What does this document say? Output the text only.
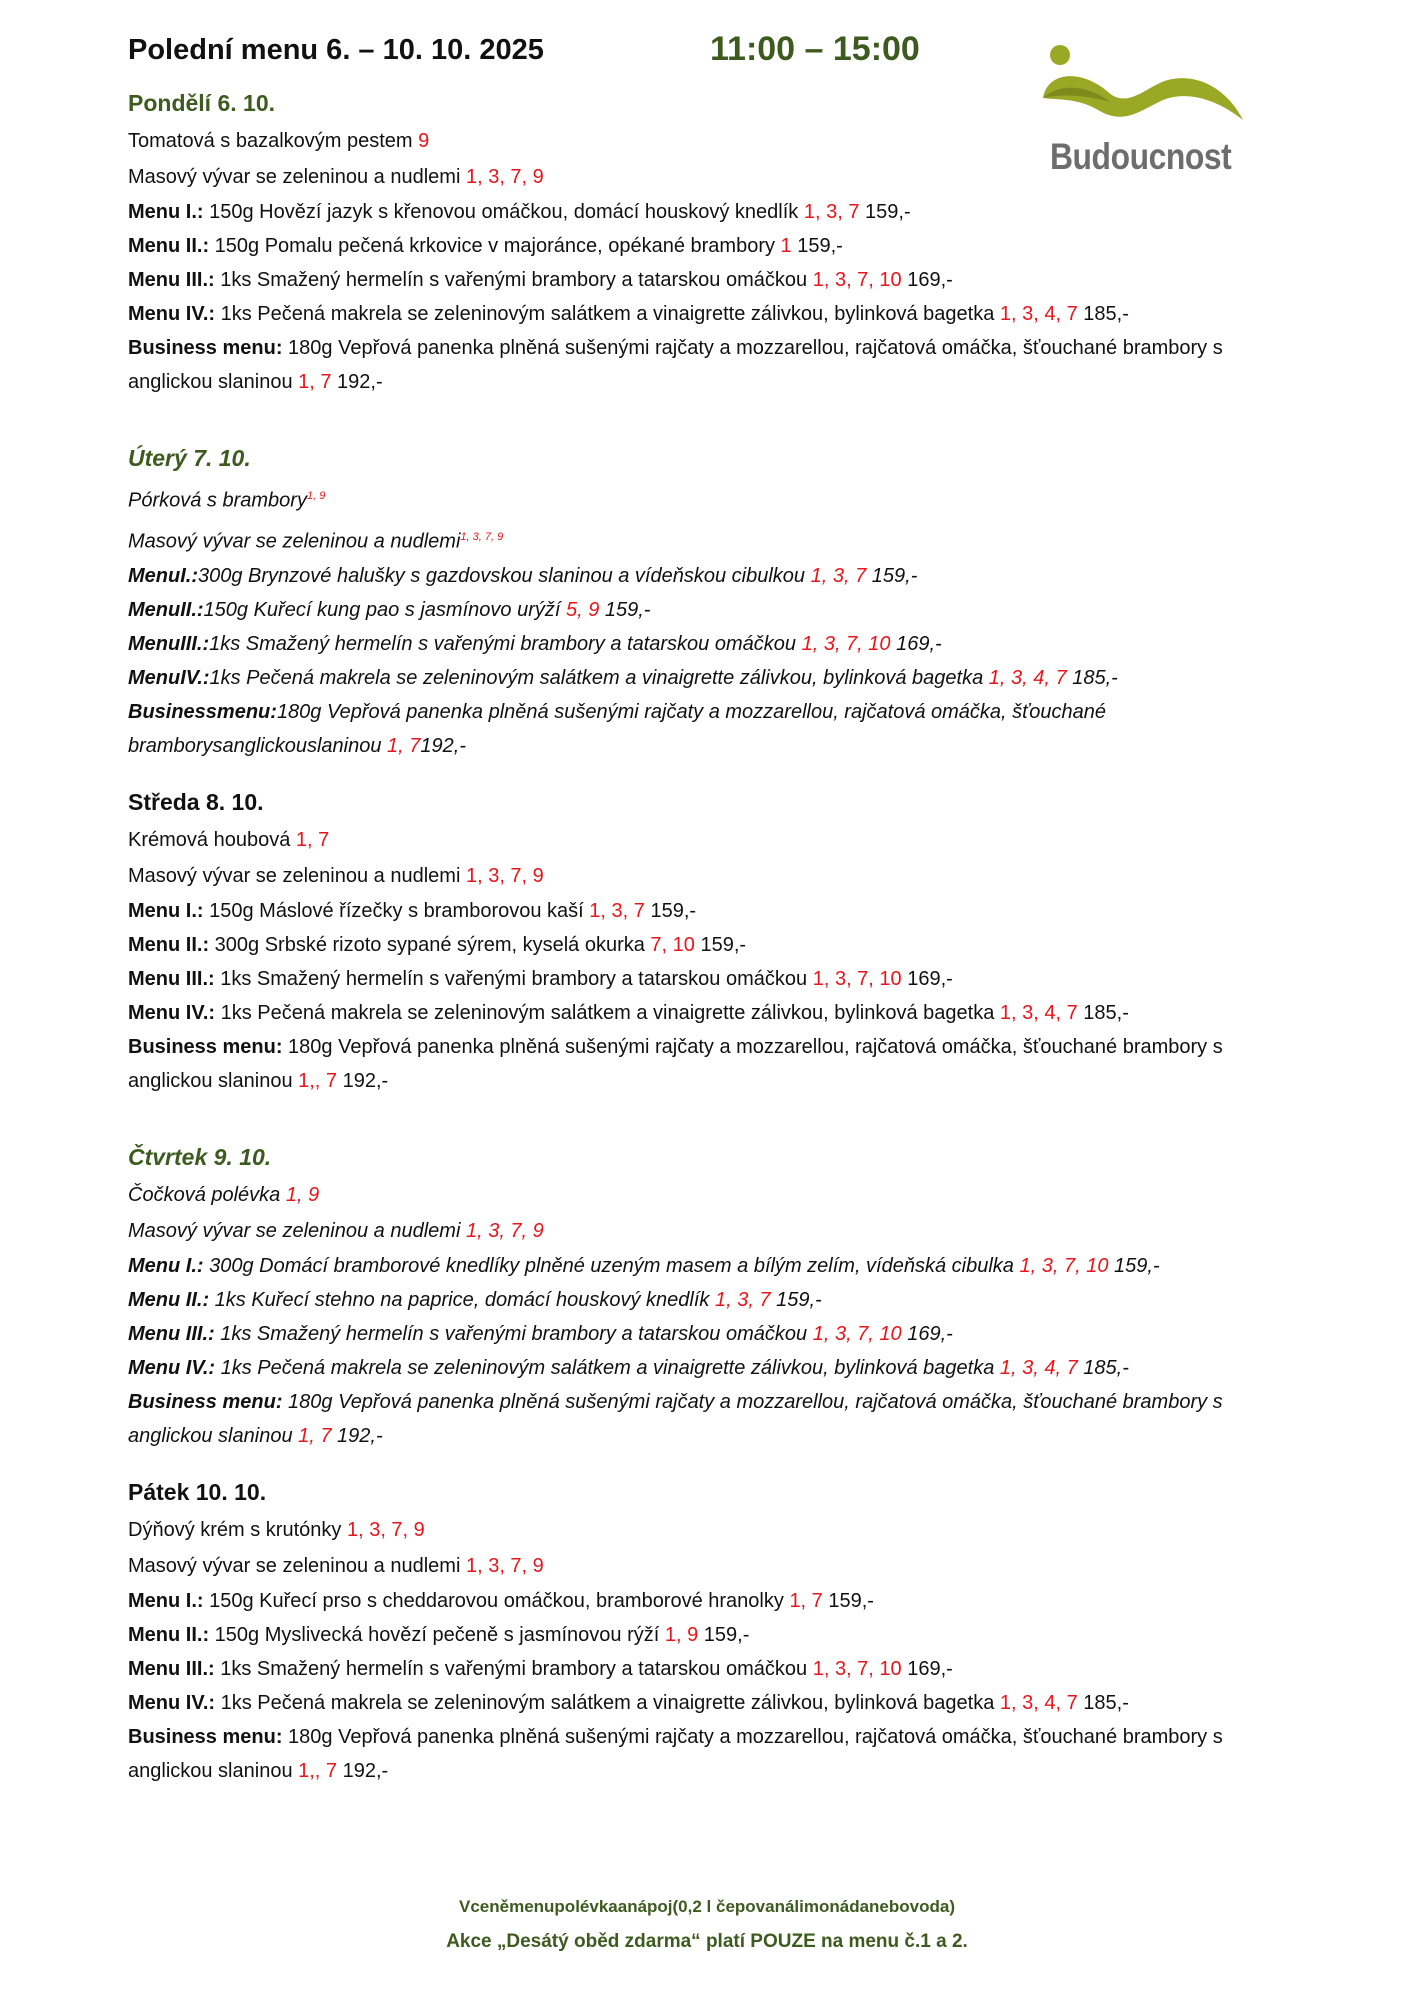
Polední menu 6. – 10. 10. 2025	11:00 – 15:00
Budoucnost
Pondělí 6. 10.
Tomatová s bazalkovým pestem 9
Masový vývar se zeleninou a nudlemi 1, 3, 7, 9
Menu I.: 150g Hovězí jazyk s křenovou omáčkou, domácí houskový knedlík 1, 3, 7 159,-
Menu II.: 150g Pomalu pečená krkovice v majoránce, opékané brambory 1 159,-
Menu III.: 1ks Smažený hermelín s vařenými brambory a tatarskou omáčkou 1, 3, 7, 10 169,-
Menu IV.: 1ks Pečená makrela se zeleninovým salátkem a vinaigrette zálivkou, bylinková bagetka 1, 3, 4, 7 185,-
Business menu: 180g Vepřová panenka plněná sušenými rajčaty a mozzarellou, rajčatová omáčka, šťouchané brambory s anglickou slaninou 1, 7 192,-
Úterý 7. 10.
Pórková s brambory$^{1, 9}$
Masový vývar se zeleninou a nudlemi$^{1, 3, 7, 9}$
MenuI.:300g Brynzové halušky s gazdovskou slaninou a vídeňskou cibulkou 1, 3, 7 159,-
MenuII.:150g Kuřecí kung pao s jasmínovo urýží 5, 9 159,-
MenuIII.:1ks Smažený hermelín s vařenými brambory a tatarskou omáčkou 1, 3, 7, 10 169,-
MenuIV.:1ks Pečená makrela se zeleninovým salátkem a vinaigrette zálivkou, bylinková bagetka 1, 3, 4, 7 185,-
Businessmenu:180g Vepřová panenka plněná sušenými rajčaty a mozzarellou, rajčatová omáčka, šťouchané bramborysanglickouslaninou 1, 7192,-
Středa 8. 10.
Krémová houbová 1, 7
Masový vývar se zeleninou a nudlemi 1, 3, 7, 9
Menu I.: 150g Máslové řízečky s bramborovou kaší 1, 3, 7 159,-
Menu II.: 300g Srbské rizoto sypané sýrem, kyselá okurka 7, 10 159,-
Menu III.: 1ks Smažený hermelín s vařenými brambory a tatarskou omáčkou 1, 3, 7, 10 169,-
Menu IV.: 1ks Pečená makrela se zeleninovým salátkem a vinaigrette zálivkou, bylinková bagetka 1, 3, 4, 7 185,-
Business menu: 180g Vepřová panenka plněná sušenými rajčaty a mozzarellou, rajčatová omáčka, šťouchané brambory s anglickou slaninou 1,, 7 192,-
Čtvrtek 9. 10.
Čočková polévka 1, 9
Masový vývar se zeleninou a nudlemi 1, 3, 7, 9
Menu I.: 300g Domácí bramborové knedlíky plněné uzeným masem a bílým zelím, vídeňská cibulka 1, 3, 7, 10 159,-
Menu II.: 1ks Kuřecí stehno na paprice, domácí houskový knedlík 1, 3, 7 159,-
Menu III.: 1ks Smažený hermelín s vařenými brambory a tatarskou omáčkou 1, 3, 7, 10 169,-
Menu IV.: 1ks Pečená makrela se zeleninovým salátkem a vinaigrette zálivkou, bylinková bagetka 1, 3, 4, 7 185,-
Business menu: 180g Vepřová panenka plněná sušenými rajčaty a mozzarellou, rajčatová omáčka, šťouchané brambory s anglickou slaninou 1, 7 192,-
Pátek 10. 10.
Dýňový krém s krutónky 1, 3, 7, 9
Masový vývar se zeleninou a nudlemi 1, 3, 7, 9
Menu I.: 150g Kuřecí prso s cheddarovou omáčkou, bramborové hranolky 1, 7 159,-
Menu II.: 150g Myslivecká hovězí pečeně s jasmínovou rýží 1, 9 159,-
Menu III.: 1ks Smažený hermelín s vařenými brambory a tatarskou omáčkou 1, 3, 7, 10 169,-
Menu IV.: 1ks Pečená makrela se zeleninovým salátkem a vinaigrette zálivkou, bylinková bagetka 1, 3, 4, 7 185,-
Business menu: 180g Vepřová panenka plněná sušenými rajčaty a mozzarellou, rajčatová omáčka, šťouchané brambory s anglickou slaninou 1,, 7 192,-
Vceněmenupolévkaanápoj(0,2 l čepovanálimonádanebovoda)
Akce „Desátý oběd zdarma“ platí POUZE na menu č.1 a 2.
